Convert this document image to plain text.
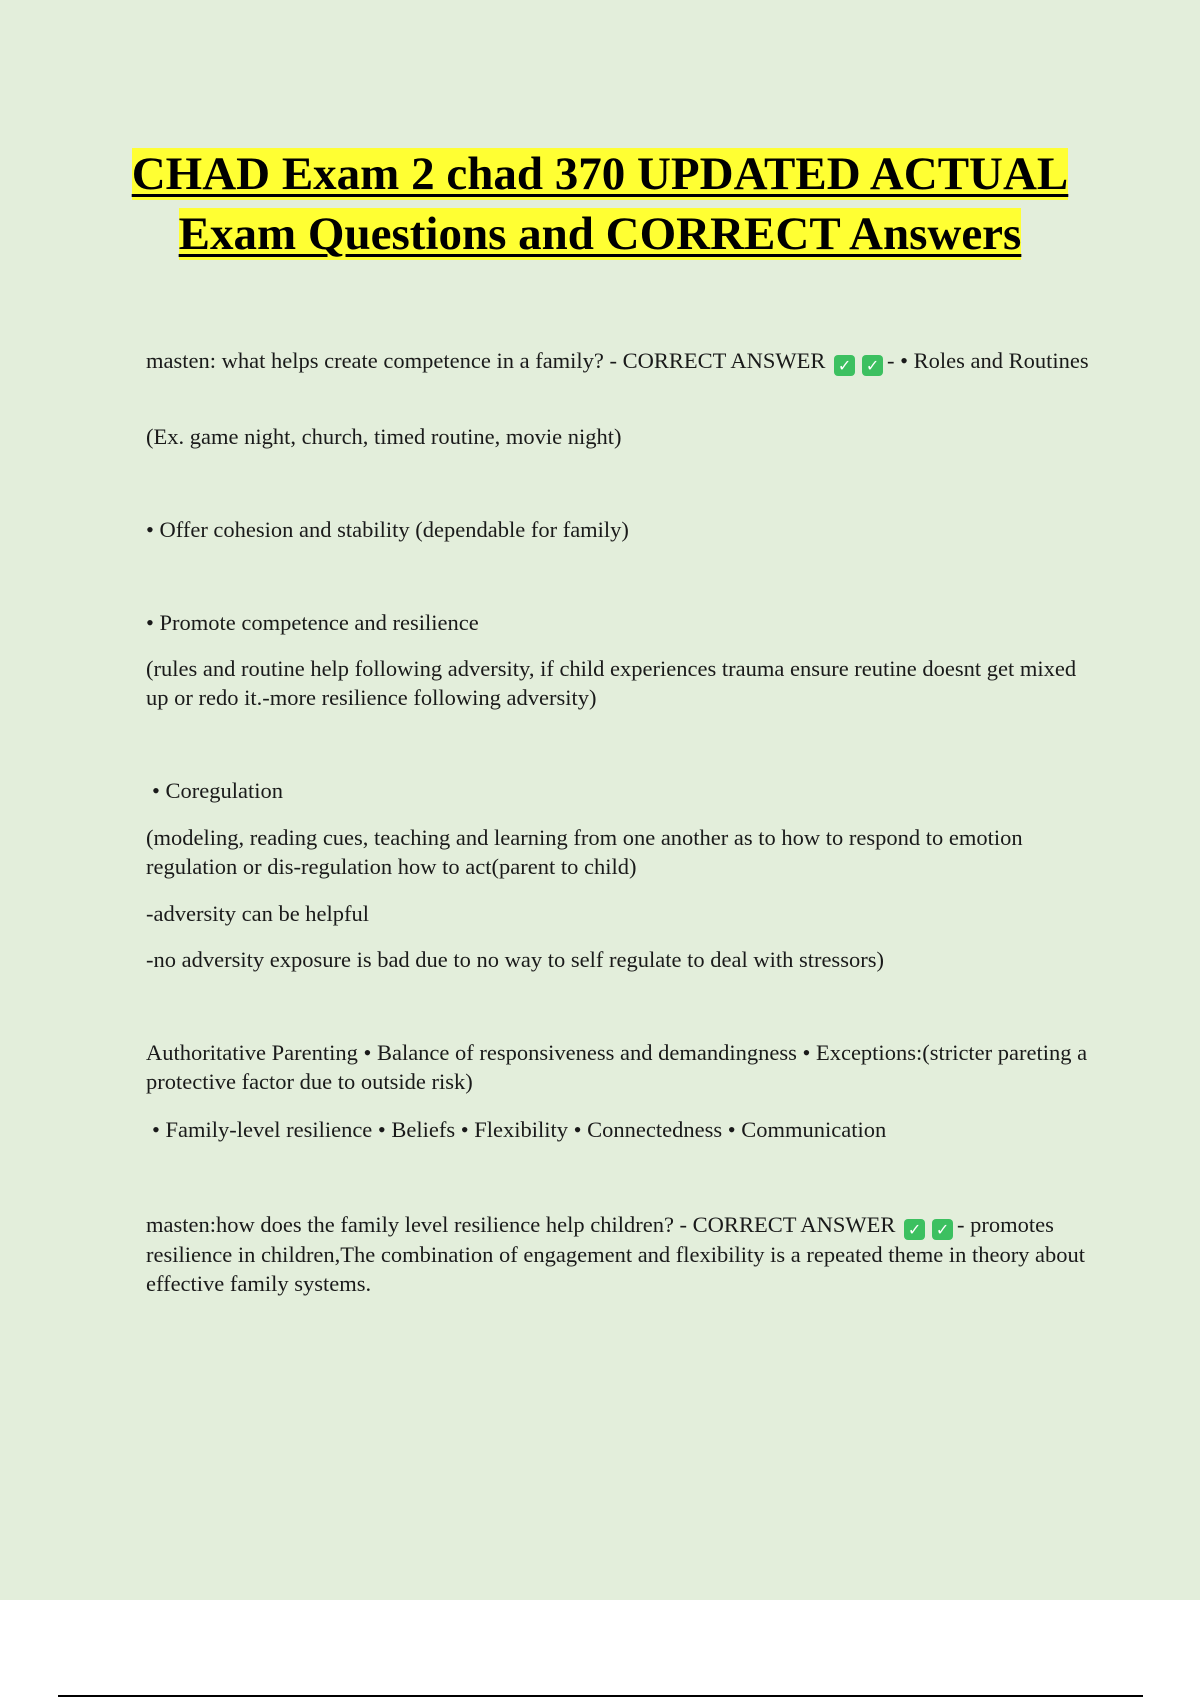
CHAD Exam 2 chad 370 UPDATED ACTUAL Exam Questions and CORRECT Answers

masten: what helps create competence in a family? - CORRECT ANSWER ✓ ✓ - • Roles and Routines

(Ex. game night, church, timed routine, movie night)

• Offer cohesion and stability (dependable for family)

• Promote competence and resilience

(rules and routine help following adversity, if child experiences trauma ensure reutine doesnt get mixed up or redo it.-more resilience following adversity)

• Coregulation

(modeling, reading cues, teaching and learning from one another as to how to respond to emotion regulation or dis-regulation how to act(parent to child)

-adversity can be helpful

-no adversity exposure is bad due to no way to self regulate to deal with stressors)

Authoritative Parenting • Balance of responsiveness and demandingness • Exceptions:(stricter pareting a protective factor due to outside risk)

• Family-level resilience • Beliefs • Flexibility • Connectedness • Communication

masten:how does the family level resilience help children? - CORRECT ANSWER ✓ ✓ - promotes resilience in children,The combination of engagement and flexibility is a repeated theme in theory about effective family systems.
